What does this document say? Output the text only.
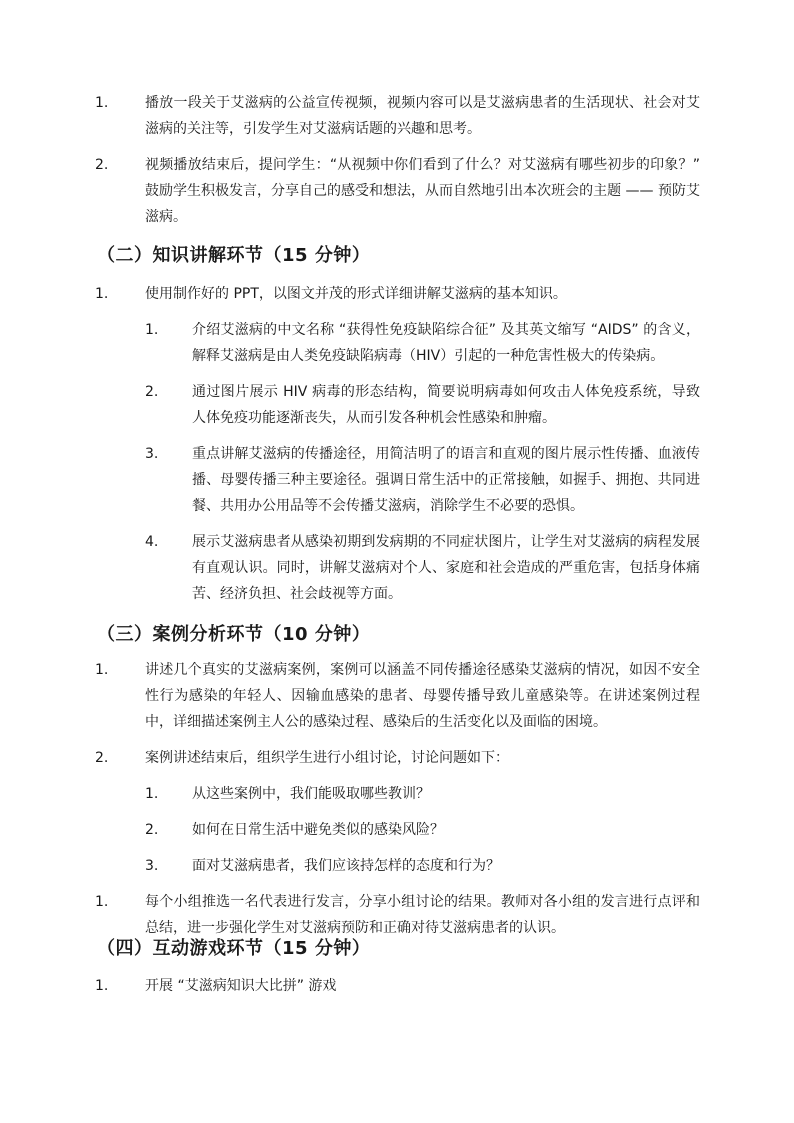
1.	播放一段关于艾滋病的公益宣传视频，视频内容可以是艾滋病患者的生活现状、社会对艾滋病的关注等，引发学生对艾滋病话题的兴趣和思考。
2.	视频播放结束后，提问学生：“从视频中你们看到了什么？对艾滋病有哪些初步的印象？” 鼓励学生积极发言，分享自己的感受和想法，从而自然地引出本次班会的主题 —— 预防艾滋病。
（二）知识讲解环节（15 分钟）
1.	使用制作好的 PPT，以图文并茂的形式详细讲解艾滋病的基本知识。
1.	介绍艾滋病的中文名称 “获得性免疫缺陷综合征” 及其英文缩写 “AIDS” 的含义，解释艾滋病是由人类免疫缺陷病毒（HIV）引起的一种危害性极大的传染病。
2.	通过图片展示 HIV 病毒的形态结构，简要说明病毒如何攻击人体免疫系统，导致人体免疫功能逐渐丧失，从而引发各种机会性感染和肿瘤。
3.	重点讲解艾滋病的传播途径，用简洁明了的语言和直观的图片展示性传播、血液传播、母婴传播三种主要途径。强调日常生活中的正常接触，如握手、拥抱、共同进餐、共用办公用品等不会传播艾滋病，消除学生不必要的恐惧。
4.	展示艾滋病患者从感染初期到发病期的不同症状图片，让学生对艾滋病的病程发展有直观认识。同时，讲解艾滋病对个人、家庭和社会造成的严重危害，包括身体痛苦、经济负担、社会歧视等方面。
（三）案例分析环节（10 分钟）
1.	讲述几个真实的艾滋病案例，案例可以涵盖不同传播途径感染艾滋病的情况，如因不安全性行为感染的年轻人、因输血感染的患者、母婴传播导致儿童感染等。在讲述案例过程中，详细描述案例主人公的感染过程、感染后的生活变化以及面临的困境。
2.	案例讲述结束后，组织学生进行小组讨论，讨论问题如下：
1.	从这些案例中，我们能吸取哪些教训？
2.	如何在日常生活中避免类似的感染风险？
3.	面对艾滋病患者，我们应该持怎样的态度和行为？
1.	每个小组推选一名代表进行发言，分享小组讨论的结果。教师对各小组的发言进行点评和总结，进一步强化学生对艾滋病预防和正确对待艾滋病患者的认识。
（四）互动游戏环节（15 分钟）
1.	开展 “艾滋病知识大比拼” 游戏
